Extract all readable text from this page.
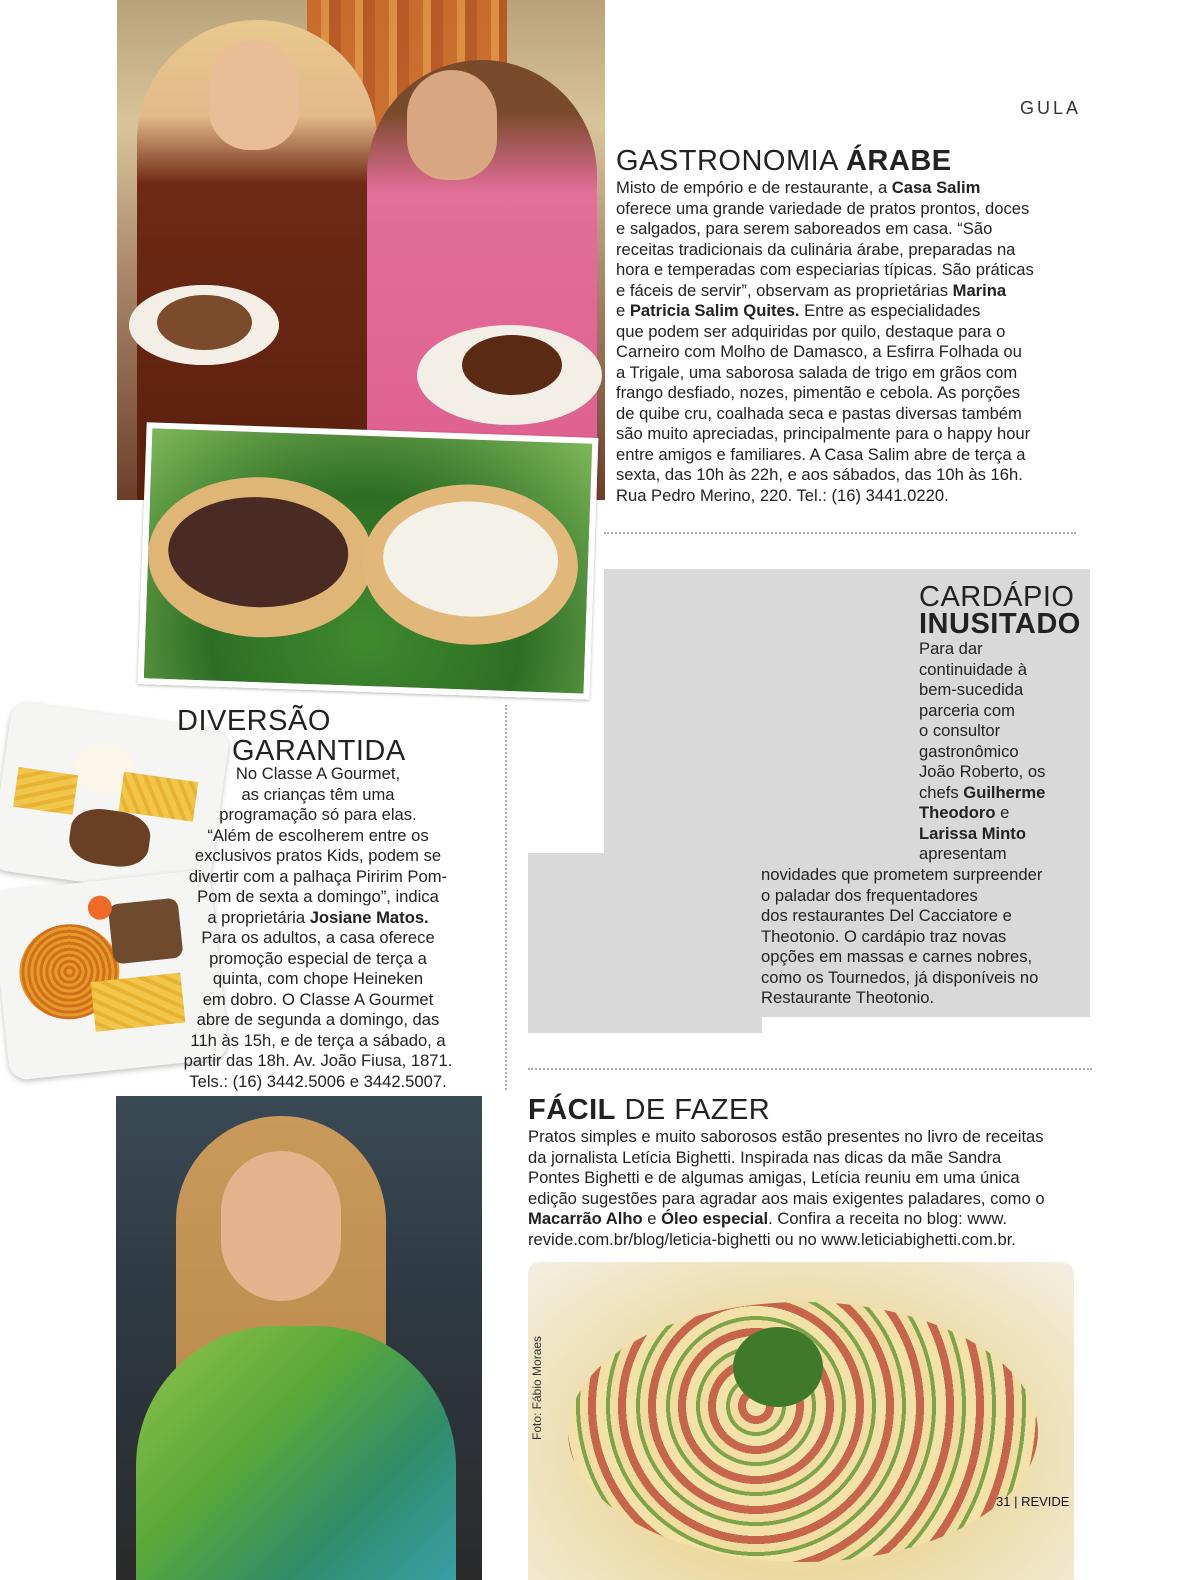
GULA
GASTRONOMIA ÁRABE
Misto de empório e de restaurante, a Casa Salim
oferece uma grande variedade de pratos prontos, doces
e salgados, para serem saboreados em casa. “São
receitas tradicionais da culinária árabe, preparadas na
hora e temperadas com especiarias típicas. São práticas
e fáceis de servir”, observam as proprietárias Marina
e Patricia Salim Quites. Entre as especialidades
que podem ser adquiridas por quilo, destaque para o
Carneiro com Molho de Damasco, a Esfirra Folhada ou
a Trigale, uma saborosa salada de trigo em grãos com
frango desfiado, nozes, pimentão e cebola. As porções
de quibe cru, coalhada seca e pastas diversas também
são muito apreciadas, principalmente para o happy hour
entre amigos e familiares. A Casa Salim abre de terça a
sexta, das 10h às 22h, e aos sábados, das 10h às 16h.
Rua Pedro Merino, 220. Tel.: (16) 3441.0220.
CARDÁPIO
INUSITADO
Para dar
continuidade à
bem-sucedida
parceria com
o consultor
gastronômico
João Roberto, os
chefs Guilherme
Theodoro e
Larissa Minto
apresentam
novidades que prometem surpreender
o paladar dos frequentadores
dos restaurantes Del Cacciatore e
Theotonio. O cardápio traz novas
opções em massas e carnes nobres,
como os Tournedos, já disponíveis no
Restaurante Theotonio.
DIVERSÃO
GARANTIDA
No Classe A Gourmet,
as crianças têm uma
programação só para elas.
“Além de escolherem entre os
exclusivos pratos Kids, podem se
divertir com a palhaça Piririm Pom-
Pom de sexta a domingo”, indica
a proprietária Josiane Matos.
Para os adultos, a casa oferece
promoção especial de terça a
quinta, com chope Heineken
em dobro. O Classe A Gourmet
abre de segunda a domingo, das
11h às 15h, e de terça a sábado, a
partir das 18h. Av. João Fiusa, 1871.
Tels.: (16) 3442.5006 e 3442.5007.
FÁCIL DE FAZER
Pratos simples e muito saborosos estão presentes no livro de receitas
da jornalista Letícia Bighetti. Inspirada nas dicas da mãe Sandra
Pontes Bighetti e de algumas amigas, Letícia reuniu em uma única
edição sugestões para agradar aos mais exigentes paladares, como o
Macarrão Alho e Óleo especial. Confira a receita no blog: www.
revide.com.br/blog/leticia-bighetti ou no www.leticiabighetti.com.br.
Foto: Fábio Moraes
31 | REVIDE
